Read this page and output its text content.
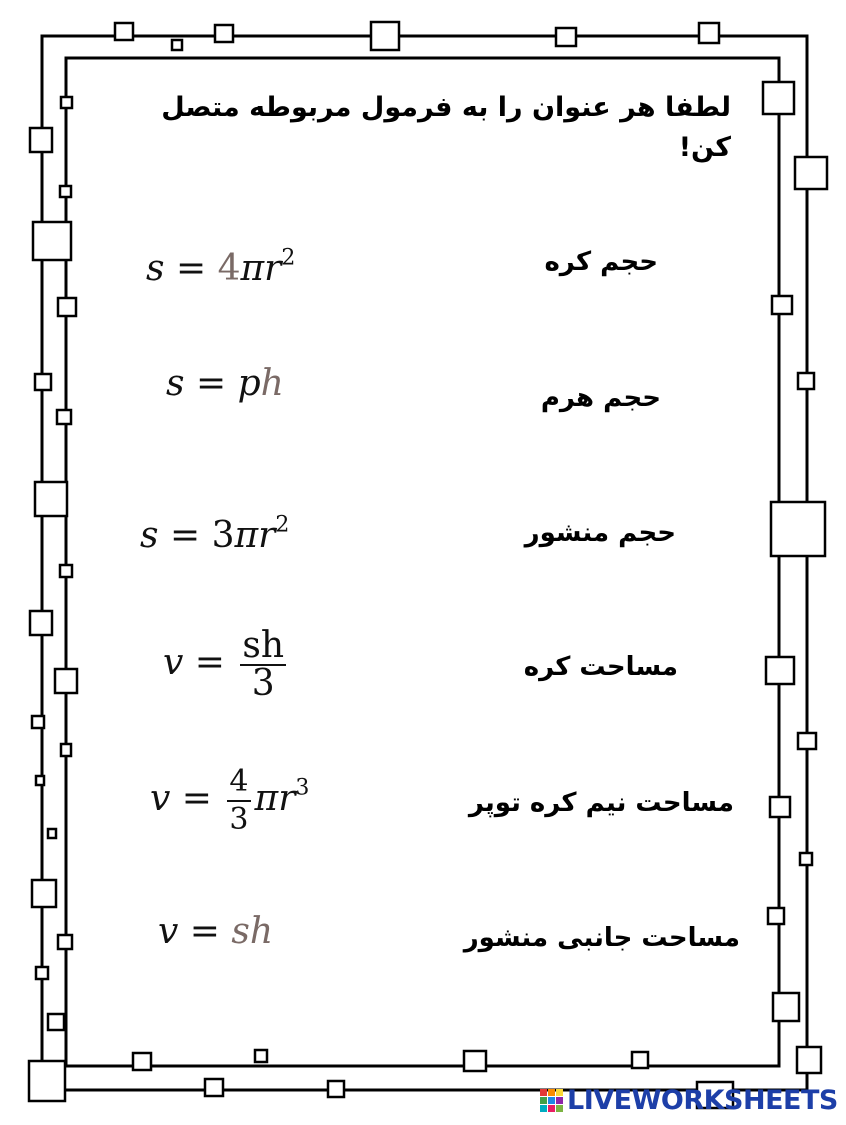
لطفا هر عنوان را به فرمول مربوطه متصل کن!
حجم کره
حجم هرم
حجم منشور
مساحت کره
مساحت نیم کره توپر
مساحت جانبی منشور
$s = 4\pi r^2$
s = ph
$s = 3\pi r^2$
$v = \frac{sh}{3}$
$v = \frac{4}{3} \pi r^3$
v = sh
LIVEWORKSHEETS
